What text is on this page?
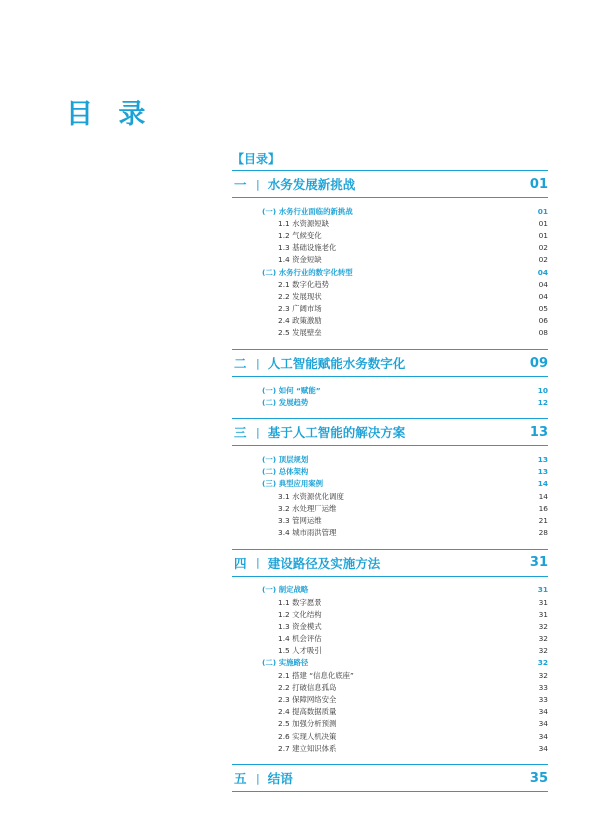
目 录
【目录】
一 | 水务发展新挑战	01
(一) 水务行业面临的新挑战	01
1.1 水资源短缺	01
1.2 气候变化	01
1.3 基础设施老化	02
1.4 资金短缺	02
(二) 水务行业的数字化转型	04
2.1 数字化趋势	04
2.2 发展现状	04
2.3 广阔市场	05
2.4 政策激励	06
2.5 发展壁垒	08
二 | 人工智能赋能水务数字化	09
(一) 如何 “赋能”	10
(二) 发展趋势	12
三 | 基于人工智能的解决方案	13
(一) 顶层规划	13
(二) 总体架构	13
(三) 典型应用案例	14
3.1 水资源优化调度	14
3.2 水处理厂运维	16
3.3 管网运维	21
3.4 城市雨洪管理	28
四 | 建设路径及实施方法	31
(一) 制定战略	31
1.1 数字愿景	31
1.2 文化结构	31
1.3 资金模式	32
1.4 机会评估	32
1.5 人才吸引	32
(二) 实施路径	32
2.1 搭建 “信息化底座”	32
2.2 打破信息孤岛	33
2.3 保障网络安全	33
2.4 提高数据质量	34
2.5 加强分析预测	34
2.6 实现人机决策	34
2.7 建立知识体系	34
五 | 结语	35
